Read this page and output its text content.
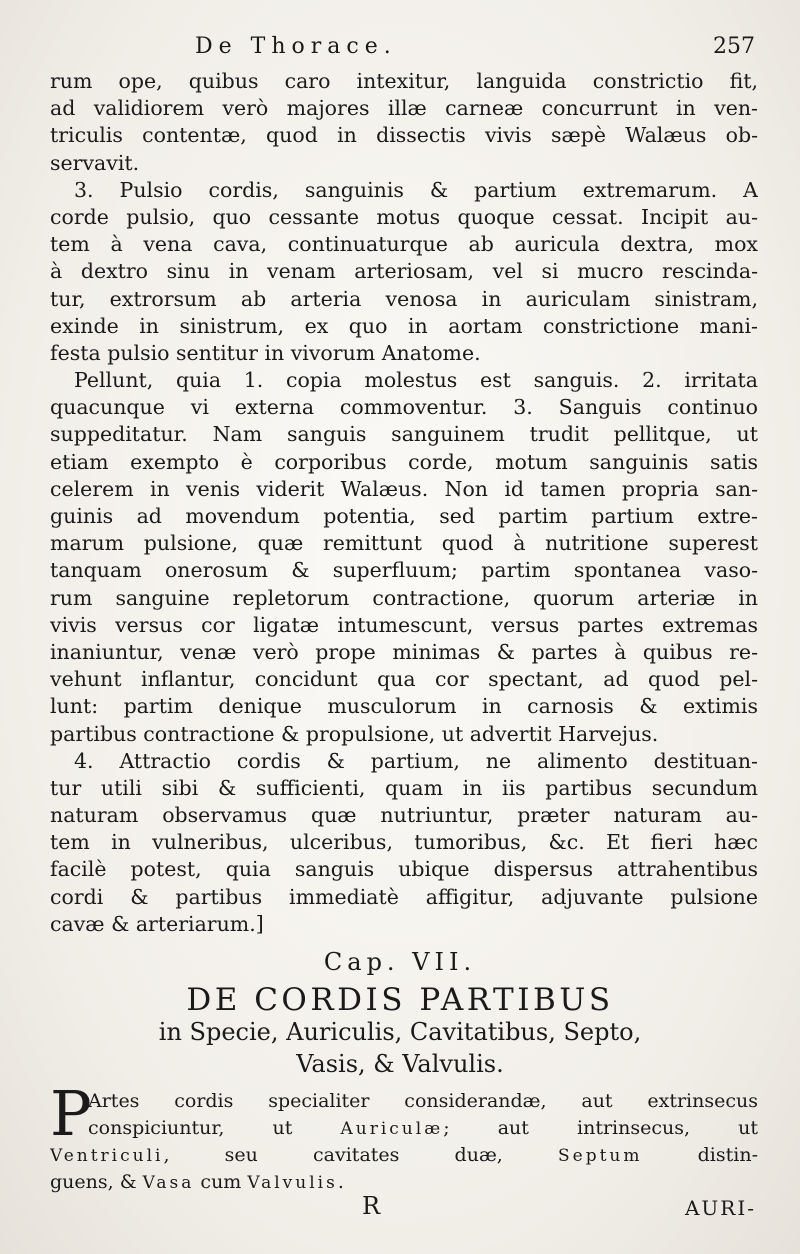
De Thorace.	257
rum ope, quibus caro intexitur, languida constrictio fit,
ad validiorem verò majores illæ carneæ concurrunt in ven-
triculis contentæ, quod in dissectis vivis sæpè Walæus ob-
servavit.
3. Pulsio cordis, sanguinis & partium extremarum. A
corde pulsio, quo cessante motus quoque cessat. Incipit au-
tem à vena cava, continuaturque ab auricula dextra, mox
à dextro sinu in venam arteriosam, vel si mucro rescinda-
tur, extrorsum ab arteria venosa in auriculam sinistram,
exinde in sinistrum, ex quo in aortam constrictione mani-
festa pulsio sentitur in vivorum Anatome.
Pellunt, quia 1. copia molestus est sanguis. 2. irritata
quacunque vi externa commoventur. 3. Sanguis continuo
suppeditatur. Nam sanguis sanguinem trudit pellitque, ut
etiam exempto è corporibus corde, motum sanguinis satis
celerem in venis viderit Walæus. Non id tamen propria san-
guinis ad movendum potentia, sed partim partium extre-
marum pulsione, quæ remittunt quod à nutritione superest
tanquam onerosum & superfluum; partim spontanea vaso-
rum sanguine repletorum contractione, quorum arteriæ in
vivis versus cor ligatæ intumescunt, versus partes extremas
inaniuntur, venæ verò prope minimas & partes à quibus re-
vehunt inflantur, concidunt qua cor spectant, ad quod pel-
lunt: partim denique musculorum in carnosis & extimis
partibus contractione & propulsione, ut advertit Harvejus.
4. Attractio cordis & partium, ne alimento destituan-
tur utili sibi & sufficienti, quam in iis partibus secundum
naturam observamus quæ nutriuntur, præter naturam au-
tem in vulneribus, ulceribus, tumoribus, &c. Et fieri hæc
facilè potest, quia sanguis ubique dispersus attrahentibus
cordi & partibus immediatè affigitur, adjuvante pulsione
cavæ & arteriarum.]
Cap. VII.
DE CORDIS PARTIBUS
in Specie, Auriculis, Cavitatibus, Septo,
Vasis, & Valvulis.
P
Artes cordis specialiter considerandæ, aut extrinsecus
conspiciuntur, ut Auriculæ; aut intrinsecus, ut
Ventriculi, seu cavitates duæ, Septum distin-
guens, & Vasa cum Valvulis.
R	AURI-
